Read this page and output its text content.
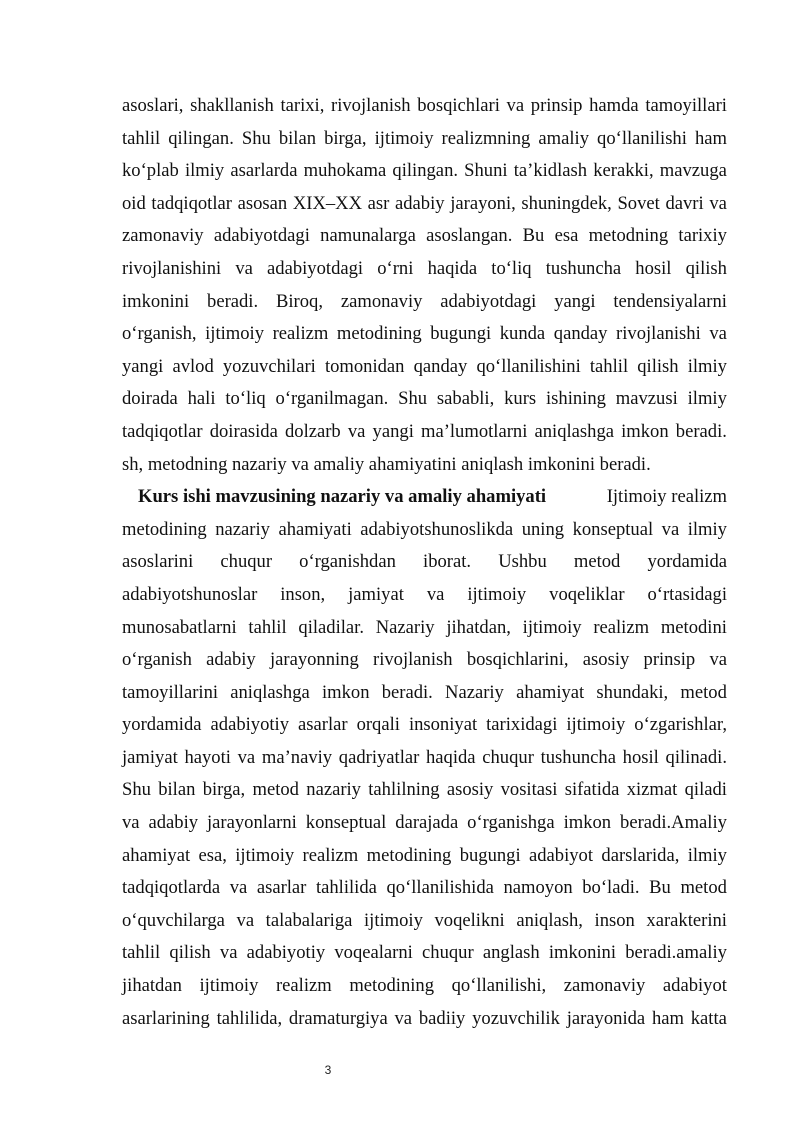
asoslari, shakllanish tarixi, rivojlanish bosqichlari va prinsip hamda tamoyillari
tahlil qilingan. Shu bilan birga, ijtimoiy realizmning amaliy qo‘llanilishi ham
ko‘plab ilmiy asarlarda muhokama qilingan. Shuni ta’kidlash kerakki, mavzuga
oid tadqiqotlar asosan XIX–XX asr adabiy jarayoni, shuningdek, Sovet davri va
zamonaviy adabiyotdagi namunalarga asoslangan. Bu esa metodning tarixiy
rivojlanishini va adabiyotdagi o‘rni haqida to‘liq tushuncha hosil qilish
imkonini beradi. Biroq, zamonaviy adabiyotdagi yangi tendensiyalarni
o‘rganish, ijtimoiy realizm metodining bugungi kunda qanday rivojlanishi va
yangi avlod yozuvchilari tomonidan qanday qo‘llanilishini tahlil qilish ilmiy
doirada hali to‘liq o‘rganilmagan. Shu sababli, kurs ishining mavzusi ilmiy
tadqiqotlar doirasida dolzarb va yangi ma’lumotlarni aniqlashga imkon beradi.
sh, metodning nazariy va amaliy ahamiyatini aniqlash imkonini beradi.
Kurs ishi mavzusining nazariy va amaliy ahamiyati	Ijtimoiy realizm
metodining nazariy ahamiyati adabiyotshunoslikda uning konseptual va ilmiy
asoslarini chuqur o‘rganishdan iborat. Ushbu metod yordamida
adabiyotshunoslar inson, jamiyat va ijtimoiy voqeliklar o‘rtasidagi
munosabatlarni tahlil qiladilar. Nazariy jihatdan, ijtimoiy realizm metodini
o‘rganish adabiy jarayonning rivojlanish bosqichlarini, asosiy prinsip va
tamoyillarini aniqlashga imkon beradi. Nazariy ahamiyat shundaki, metod
yordamida adabiyotiy asarlar orqali insoniyat tarixidagi ijtimoiy o‘zgarishlar,
jamiyat hayoti va ma’naviy qadriyatlar haqida chuqur tushuncha hosil qilinadi.
Shu bilan birga, metod nazariy tahlilning asosiy vositasi sifatida xizmat qiladi
va adabiy jarayonlarni konseptual darajada o‘rganishga imkon beradi.Amaliy
ahamiyat esa, ijtimoiy realizm metodining bugungi adabiyot darslarida, ilmiy
tadqiqotlarda va asarlar tahlilida qo‘llanilishida namoyon bo‘ladi. Bu metod
o‘quvchilarga va talabalariga ijtimoiy voqelikni aniqlash, inson xarakterini
tahlil qilish va adabiyotiy voqealarni chuqur anglash imkonini beradi.amaliy
jihatdan ijtimoiy realizm metodining qo‘llanilishi, zamonaviy adabiyot
asarlarining tahlilida, dramaturgiya va badiiy yozuvchilik jarayonida ham katta
3
